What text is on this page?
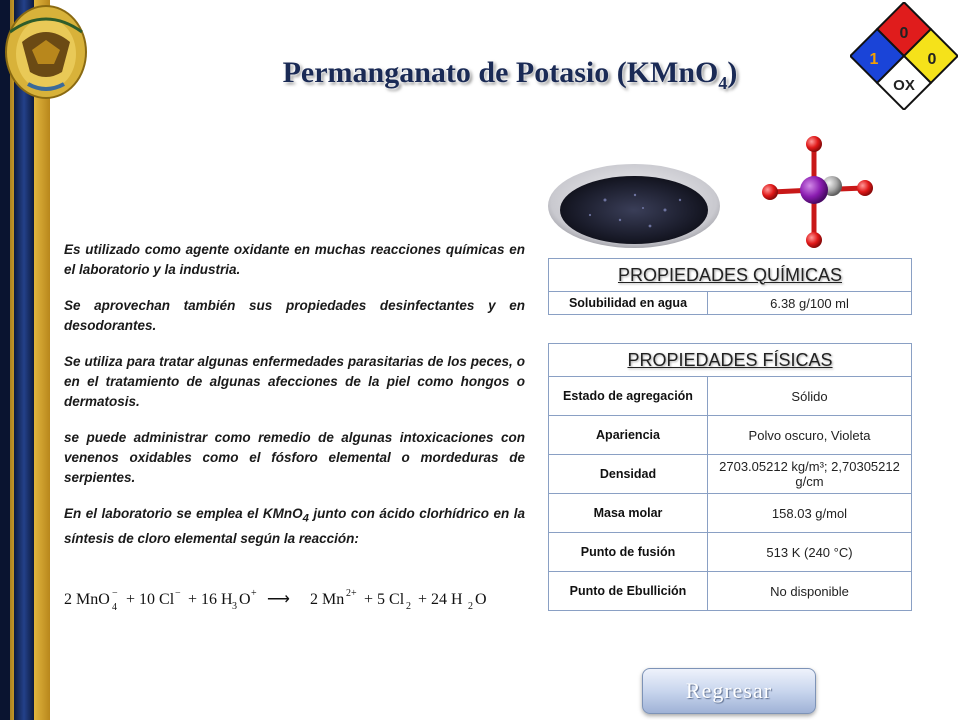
Permanganato de Potasio (KMnO$_4$)
0
1	0
OX

Es utilizado como agente oxidante en muchas reacciones químicas en el laboratorio y la industria.

Se aprovechan también sus propiedades desinfectantes y en desodorantes.

Se utiliza para tratar algunas enfermedades parasitarias de los peces, o en el tratamiento de algunas afecciones de la piel como hongos o dermatosis.

se puede administrar como remedio de algunas intoxicaciones con venenos oxidables como el fósforo elemental o mordeduras de serpientes.

En el laboratorio se emplea el KMnO$_4$ junto con ácido clorhídrico en la síntesis de cloro elemental según la reacción:

2 MnO 4
− + 10 Cl − + 16 H 3 O + ⟶ 2 Mn 2+ + 5 Cl 2 + 24 H 2 O
PROPIEDADES QUÍMICAS
Solubilidad en agua	6.38 g/100 ml
PROPIEDADES FÍSICAS	
Estado de agregación	Sólido
Apariencia	Polvo oscuro, Violeta
Densidad	2703.05212 kg/m³; 2,70305212 g/cm
Masa molar	158.03 g/mol
Punto de fusión	513 K (240 °C)
Punto de Ebullición	No disponible
Regresar
